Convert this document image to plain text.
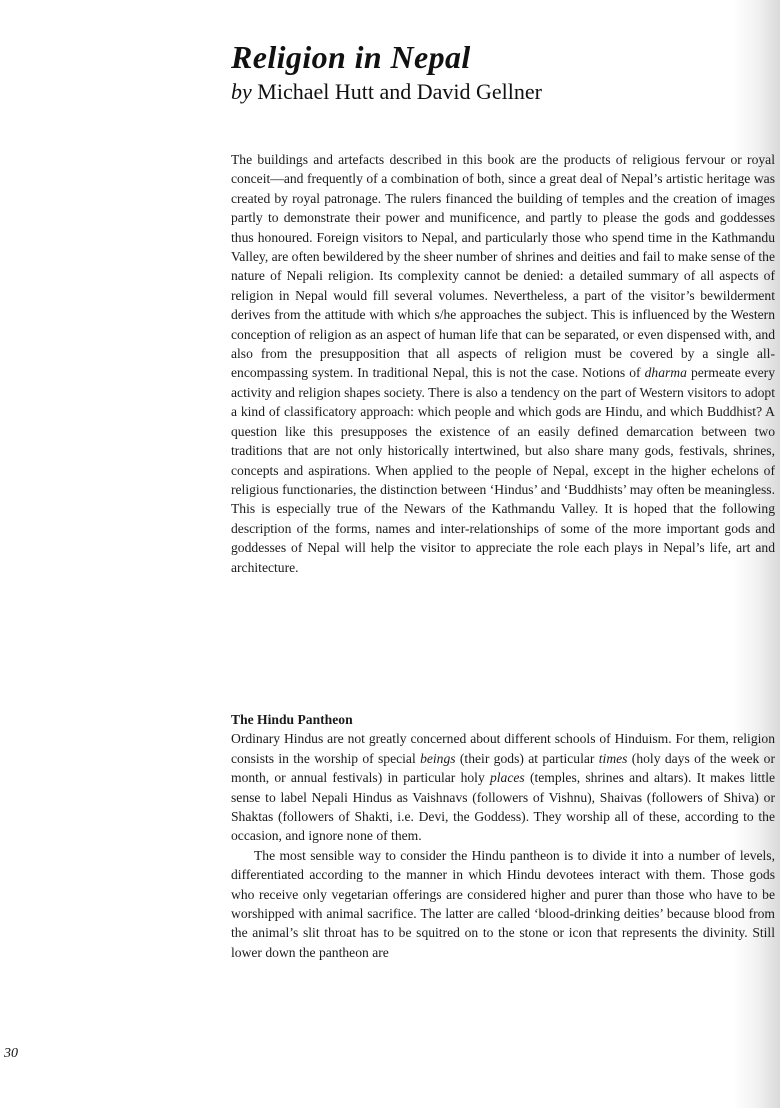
Religion in Nepal

by Michael Hutt and David Gellner

The buildings and artefacts described in this book are the products of religious fervour or royal conceit—and frequently of a combination of both, since a great deal of Nepal’s artistic heritage was created by royal patronage. The rulers financed the building of temples and the creation of images partly to demonstrate their power and munificence, and partly to please the gods and goddesses thus honoured. Foreign visitors to Nepal, and particularly those who spend time in the Kathmandu Valley, are often bewildered by the sheer number of shrines and deities and fail to make sense of the nature of Nepali religion. Its complexity cannot be denied: a detailed summary of all aspects of religion in Nepal would fill several volumes. Nevertheless, a part of the visitor’s bewilderment derives from the attitude with which s/he approaches the subject. This is influenced by the Western conception of religion as an aspect of human life that can be separated, or even dispensed with, and also from the presupposition that all aspects of religion must be covered by a single all-encompassing system. In traditional Nepal, this is not the case. Notions of dharma permeate every activity and religion shapes society. There is also a tendency on the part of Western visitors to adopt a kind of classificatory approach: which people and which gods are Hindu, and which Buddhist? A question like this presupposes the existence of an easily defined demarcation between two traditions that are not only historically intertwined, but also share many gods, festivals, shrines, concepts and aspirations. When applied to the people of Nepal, except in the higher echelons of religious functionaries, the distinction between ‘Hindus’ and ‘Buddhists’ may often be meaningless. This is especially true of the Newars of the Kathmandu Valley. It is hoped that the following description of the forms, names and inter-relationships of some of the more important gods and goddesses of Nepal will help the visitor to appreciate the role each plays in Nepal’s life, art and architecture.

The Hindu Pantheon

Ordinary Hindus are not greatly concerned about different schools of Hinduism. For them, religion consists in the worship of special beings (their gods) at particular times (holy days of the week or month, or annual festivals) in particular holy places (temples, shrines and altars). It makes little sense to label Nepali Hindus as Vaishnavs (followers of Vishnu), Shaivas (followers of Shiva) or Shaktas (followers of Shakti, i.e. Devi, the Goddess). They worship all of these, according to the occasion, and ignore none of them.

The most sensible way to consider the Hindu pantheon is to divide it into a number of levels, differentiated according to the manner in which Hindu devotees interact with them. Those gods who receive only vegetarian offerings are considered higher and purer than those who have to be worshipped with animal sacrifice. The latter are called ‘blood-drinking deities’ because blood from the animal’s slit throat has to be squitred on to the stone or icon that represents the divinity. Still lower down the pantheon are

30
